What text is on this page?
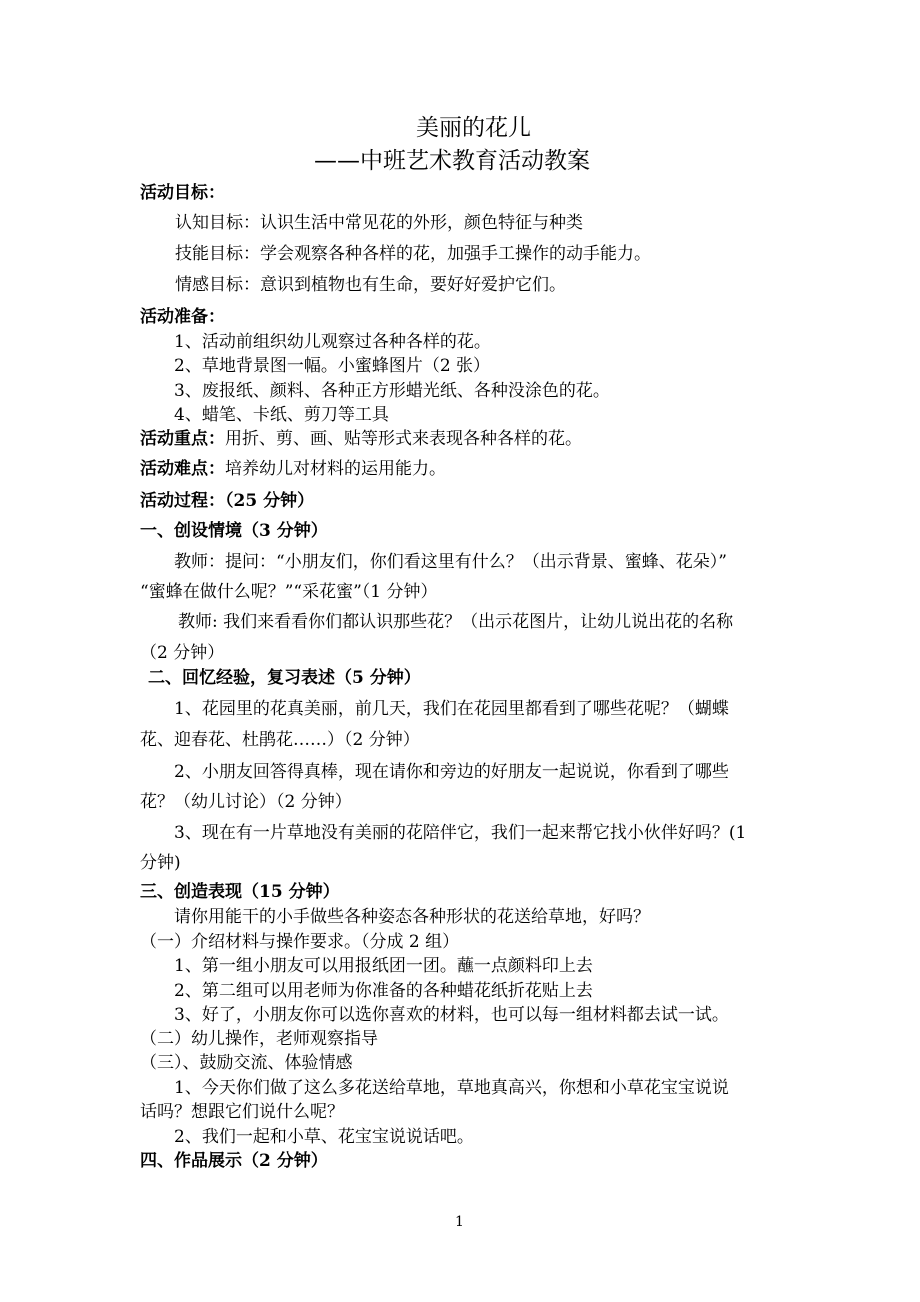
美丽的花儿
——中班艺术教育活动教案
活动目标：
认知目标：认识生活中常见花的外形，颜色特征与种类
技能目标：学会观察各种各样的花，加强手工操作的动手能力。
情感目标：意识到植物也有生命，要好好爱护它们。
活动准备：
1、活动前组织幼儿观察过各种各样的花。
2、草地背景图一幅。小蜜蜂图片（2 张）
3、废报纸、颜料、各种正方形蜡光纸、各种没涂色的花。
4、蜡笔、卡纸、剪刀等工具
活动重点：用折、剪、画、贴等形式来表现各种各样的花。
活动难点：培养幼儿对材料的运用能力。
活动过程：（25 分钟）
一、创设情境（3 分钟）
教师：提问：“小朋友们，你们看这里有什么？（出示背景、蜜蜂、花朵）”
“蜜蜂在做什么呢？”“采花蜜”（1 分钟）
教师: 我们来看看你们都认识那些花？（出示花图片，让幼儿说出花的名称
（2 分钟）
二、回忆经验，复习表述（5 分钟）
1、花园里的花真美丽，前几天，我们在花园里都看到了哪些花呢？（蝴蝶
花、迎春花、杜鹃花……）（2 分钟）
2、小朋友回答得真棒，现在请你和旁边的好朋友一起说说，你看到了哪些
花？（幼儿讨论）（2 分钟）
3、现在有一片草地没有美丽的花陪伴它，我们一起来帮它找小伙伴好吗？(1
分钟)
三、创造表现（15 分钟）
请你用能干的小手做些各种姿态各种形状的花送给草地，好吗？
（一）介绍材料与操作要求。（分成 2 组）
1、第一组小朋友可以用报纸团一团。蘸一点颜料印上去
2、第二组可以用老师为你准备的各种蜡花纸折花贴上去
3、好了，小朋友你可以选你喜欢的材料，也可以每一组材料都去试一试。
（二）幼儿操作，老师观察指导
（三）、鼓励交流、体验情感
1、今天你们做了这么多花送给草地，草地真高兴，你想和小草花宝宝说说
话吗？想跟它们说什么呢？
2、我们一起和小草、花宝宝说说话吧。
四、作品展示（2 分钟）
1
